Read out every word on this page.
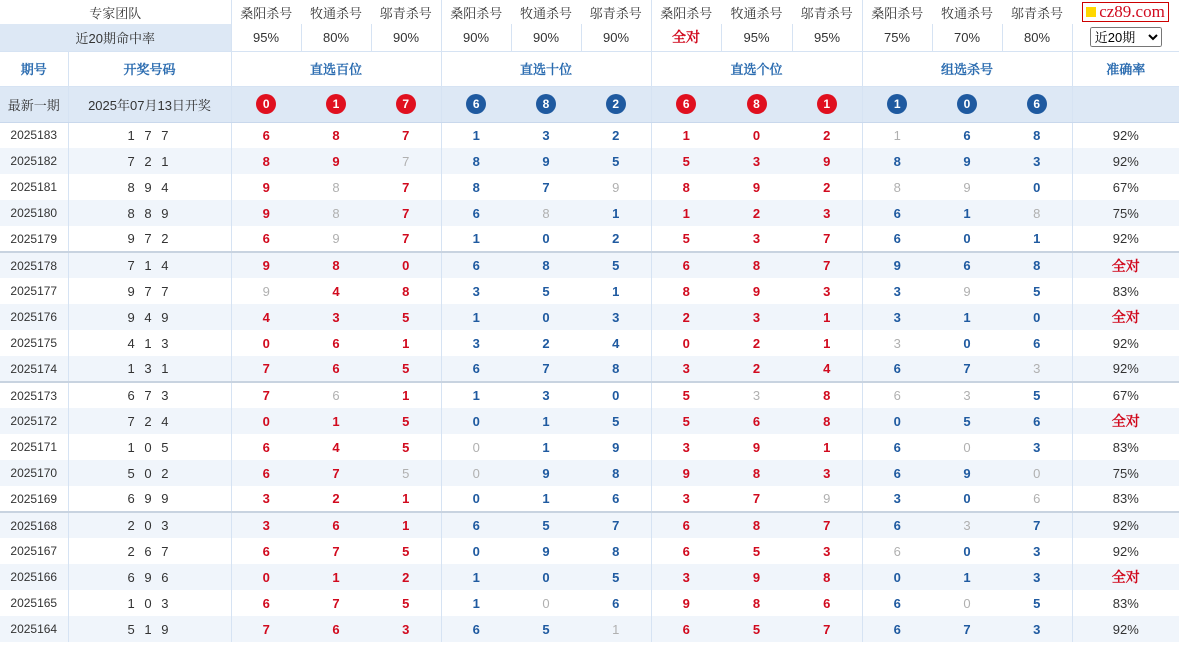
专家团队		桑阳杀号	牧通杀号	邬青杀号	桑阳杀号	牧通杀号	邬青杀号	桑阳杀号	牧通杀号	邬青杀号	桑阳杀号	牧通杀号	邬青杀号	cz89.com

近20期命中率		95%	80%	90%	90%	90%	90%	全对	95%	95%	75%	70%	80%	
近20期
期号	开奖号码	直选百位			直选十位			直选个位			组选杀号			准确率
最新一期	2025年07月13日开奖	0	1	7	6	8	2	6	8	1	1	0	6	
2025183	1 7 7	6	8	7	1	3	2	1	0	2	1	6	8	92%
2025182	7 2 1	8	9	7	8	9	5	5	3	9	8	9	3	92%
2025181	8 9 4	9	8	7	8	7	9	8	9	2	8	9	0	67%
2025180	8 8 9	9	8	7	6	8	1	1	2	3	6	1	8	75%
2025179	9 7 2	6	9	7	1	0	2	5	3	7	6	0	1	92%
2025178	7 1 4	9	8	0	6	8	5	6	8	7	9	6	8	全对
2025177	9 7 7	9	4	8	3	5	1	8	9	3	3	9	5	83%
2025176	9 4 9	4	3	5	1	0	3	2	3	1	3	1	0	全对
2025175	4 1 3	0	6	1	3	2	4	0	2	1	3	0	6	92%
2025174	1 3 1	7	6	5	6	7	8	3	2	4	6	7	3	92%
2025173	6 7 3	7	6	1	1	3	0	5	3	8	6	3	5	67%
2025172	7 2 4	0	1	5	0	1	5	5	6	8	0	5	6	全对
2025171	1 0 5	6	4	5	0	1	9	3	9	1	6	0	3	83%
2025170	5 0 2	6	7	5	0	9	8	9	8	3	6	9	0	75%
2025169	6 9 9	3	2	1	0	1	6	3	7	9	3	0	6	83%
2025168	2 0 3	3	6	1	6	5	7	6	8	7	6	3	7	92%
2025167	2 6 7	6	7	5	0	9	8	6	5	3	6	0	3	92%
2025166	6 9 6	0	1	2	1	0	5	3	9	8	0	1	3	全对
2025165	1 0 3	6	7	5	1	0	6	9	8	6	6	0	5	83%
2025164	5 1 9	7	6	3	6	5	1	6	5	7	6	7	3	92%
